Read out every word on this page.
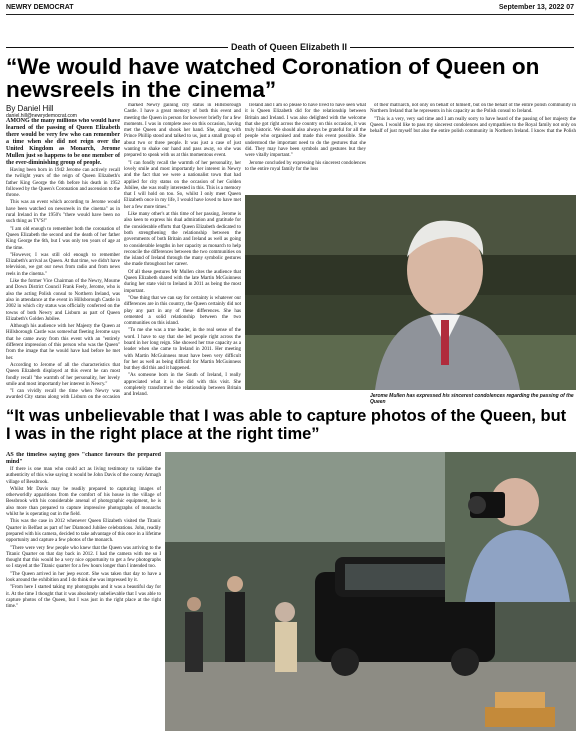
NEWRY DEMOCRAT	September 13, 2022 07
Death of Queen Elizabeth II
“We would have watched Coronation of Queen on newsreels in the cinema”
By Daniel Hill
daniel.hill@newrydemocrat.com

AMONG the many millions who would have learned of the passing of Queen Elizabeth there would be very few who can remember a time when she did not reign over the United Kingdom as Monarch, Jerome Mullen just so happens to be one member of the ever-diminishing group of people.

Having been born in 1942 Jerome can actively recall the twilight years of the reign of Queen Elizabeth's father King George the 6th before his death in 1952 followed by the Queen's Coronation and ascension to the throne.

This was an event which according to Jerome would have been watched on newsreels in the cinema" as in rural Ireland in the 1950's "there would have been no such thing as TV'S!"

"I am old enough to remember both the coronation of Queen Elizabeth the second and the death of her father King George the 6th, but I was only ten years of age at the time.

"However, I was still old enough to remember Elizabeth's arrival as Queen. At that time, we didn't have television, we got our news from radio and from news reels in the cinema."

Like the former Vice Chairman of the Newry, Mourne and Down District Council Frank Feely, Jerome, who is also the acting Polish consul to Northern Ireland, was also in attendance at the event in Hillsborough Castle in 2002 in which city status was officially conferred on the towns of both Newry and Lisburn as part of Queen Elizabeth's Golden Jubilee.

Although his audience with her Majesty the Queen at Hillsborough Castle was somewhat fleeting Jerome says that he came away from this event with an "entirely different impression of this person who was the Queen" from the image that he would have had before he met her.

According to Jerome of all the characteristics that Queen Elizabeth displayed at this event he can most fondly recall "the warmth of her personality, her lovely smile and most importantly her interest in Newry."

"I can vividly recall the time when Newry was awarded City status along with Lisburn on the occasion

marked Newry gaining city status in Hillsborough Castle. I have a great memory of both this event and meeting the Queen in person for however briefly for a few moments. I was in complete awe on this occasion, having met the Queen and shook her hand. She, along with Prince Phillip stood and talked to us, just a small group of about two or three people. It was just a case of just wanting to shake our hand and pass away, so she was prepared to speak with us at this momentous event.

"I can fondly recall the warmth of her personality, her lovely smile and most importantly her interest in Newry and the fact that we were a nationalist town that had applied for city status on the occasion of her Golden Jubilee, she was really interested in this. This is a memory that I will hold on too. So, whilst I only meet Queen Elizabeth once in my life, I would have loved to have met her a few more times."

Like many other's at this time of her passing, Jerome is also keen to express his dual admiration and gratitude for the considerable efforts that Queen Elizabeth dedicated to both strengthening the relationship between the governments of both Britain and Ireland as well as going to considerable lengths in her capacity as monarch to help reconcile the differences between the two communities on the island of Ireland through the many symbolic gestures she made throughout her career.

Of all these gestures Mr Mullen cites the audience that Queen Elizabeth shared with the late Martin McGuinness during her state visit to Ireland in 2011 as being the most important.

"One thing that we can say for certainty is whatever our differences are in this country, the Queen certainly did not play any part in any of these differences. She has cemented a solid relationship between the two communities on this island.

"To me she was a true leader, in the real sense of the word. I have to say that she led people right across the board in her long reign. She showed her true capacity as a leader when she came to Ireland in 2011. Her meeting with Martin McGuinness must have been very difficult for her as well as being difficult for Martin McGuinness but they did this and it happened.

"As someone born in the South of Ireland, I really appreciated what it is she did with this visit. She completely transformed the relationship between Britain and Ireland.

Ireland and I am so please to have lived to have seen what it is Queen Elizabeth did for the relationship between Britain and Ireland. I was also delighted with the welcome that she got right across the country on this occasion, it was truly historic. We should also always be grateful for all the people who organised and made this event possible. She understood the important need to do the gestures that she did. They may have been symbols and gestures but they were vitally important."

Jerome concluded by expressing his sincerest condolences to the entire royal family for the loss

of their matriarch, not only on behalf of himself, but on the behalf of the entire polish community in Northern Ireland that he represents in his capacity as the Polish consul to Ireland.

"This is a very, very sad time and I am really sorry to have heard of the passing of her majesty the Queen. I would like to pass my sincerest condolences and sympathies to the Royal family not only on behalf of just myself but also the entire polish community in Northern Ireland. I know that the Polish

Jerome Mullen has expressed his sincerest condolences regarding the passing of the Queen
“It was unbelievable that I was able to capture photos of the Queen, but I was in the right place at the right time”

AS the timeless saying goes "chance favours the prepared mind"

If there is one man who could act as living testimony to validate the authenticity of this wise saying it would be John Davis of the county Armagh village of Bessbrook.

Whilst Mr Davis may be readily prepared to capturing images of otherworldly apparitions from the comfort of his house in the village of Bessbrook with his considerable arsenal of photographic equipment, he is also more than prepared to capture impressive photographs of monarchs whilst he is operating out in the field.

This was the case in 2012 whenever Queen Elizabeth visited the Titanic Quarter in Belfast as part of her Diamond Jubilee celebrations. John, readily prepared with his camera, decided to take advantage of this once in a lifetime opportunity and capture a few photos of the monarch.

"There were very few people who knew that the Queen was arriving to the Titanic Quarter on that day back in 2012. I had the camera with me so I thought that this would be a very nice opportunity to get a few photographs so I stayed at the Titanic quarter for a few hours longer than I intended too.

"The Queen arrived in her jeep escort. She was taken that day to have a look around the exhibition and I do think she was impressed by it.

"From here I started taking my photographs and it was a beautiful day for it. At the time I thought that it was absolutely unbelievable that I was able to capture photos of the Queen, but I was just in the right place at the right time."
